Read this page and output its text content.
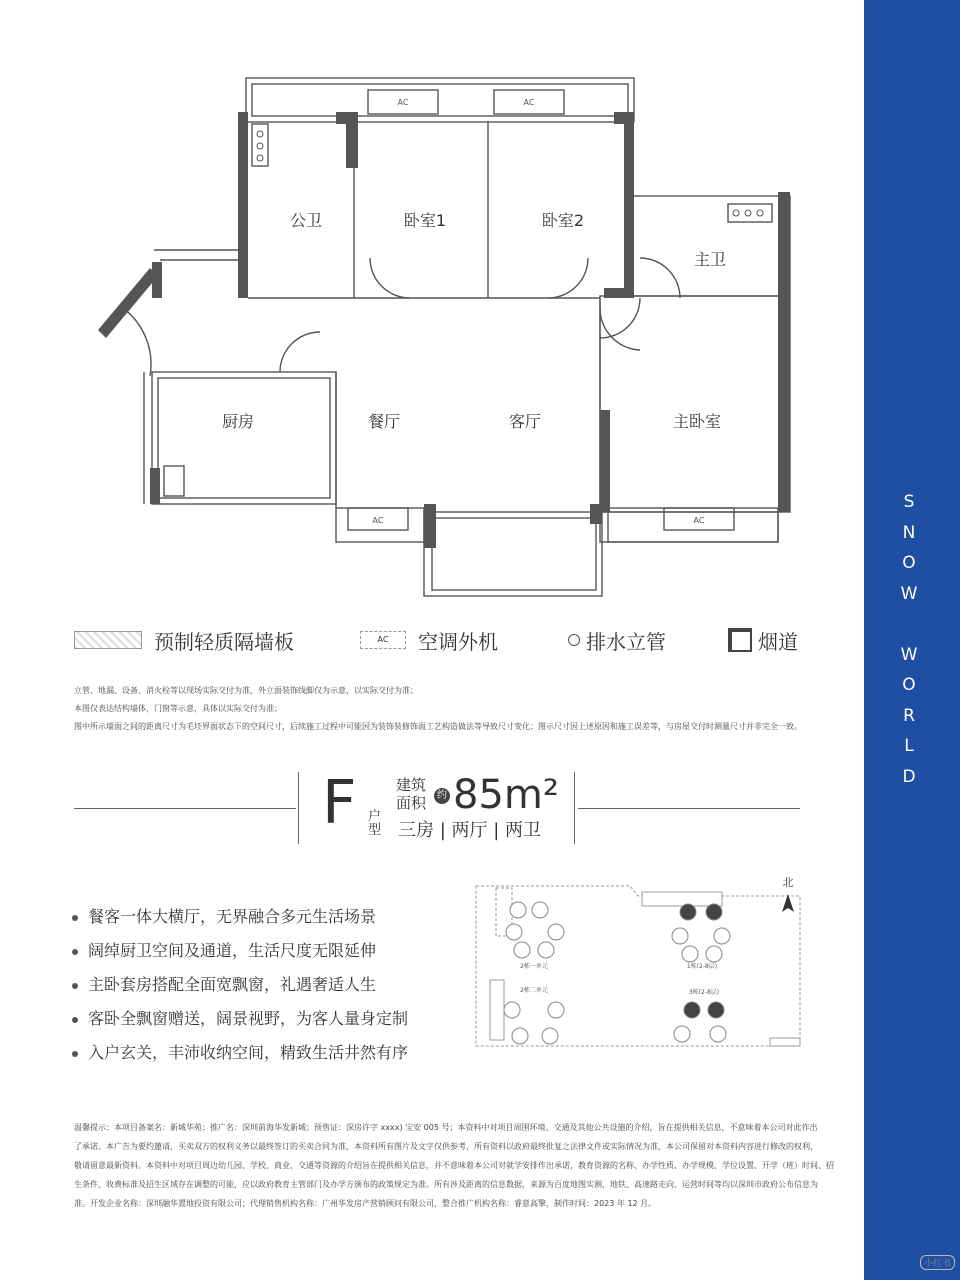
S
N
O
W

W
O
R
L
D
AC	AC
AC	AC
公卫	卧室1	卧室2
主卫
厨房	餐厅	客厅	主卧室
预制轻质隔墙板	AC	空调外机	排水立管	烟道
立管、地漏、设备、消火栓等以现场实际交付为准，外立面装饰线脚仅为示意，以实际交付为准；
本图仅表达结构墙体，门窗等示意，具体以实际交付为准；
图中所示墙面之间的距离尺寸为毛坯界面状态下的空间尺寸，后续施工过程中可能因为装饰装修饰面工艺构造做法等导致尺寸变化；图示尺寸因上述原因和施工误差等，与房屋交付时测量尺寸并非完全一致。
F 户型
建筑面积	约 85m²
三房 | 两厅 | 两卫
餐客一体大横厅，无界融合多元生活场景
阔绰厨卫空间及通道，生活尺度无限延伸
主卧套房搭配全面宽飘窗，礼遇奢适人生
客卧全飘窗赠送，阔景视野，为客人量身定制
入户玄关，丰沛收纳空间，精致生活井然有序
2栋一单元
2栋二单元
1栋(2-8层)
3栋(2-8层)
北
温馨提示：本项目备案名：新城华苑；推广名：深圳前海华发新城；预售证：深房许字 xxxx) 宝安 005 号；本资料中对项目周围环境、交通及其他公共设施的介绍，旨在提供相关信息，不意味着本公司对此作出
了承诺。本广告为要约邀请，买卖双方的权利义务以最终签订的买卖合同为准，本资料所有图片及文字仅供参考，所有资料以政府最终批复之法律文件或实际情况为准，本公司保留对本资料内容进行修改的权利，
敬请留意最新资料。本资料中对项目周边幼儿园、学校、商业、交通等资源的介绍旨在提供相关信息，并不意味着本公司对就学安排作出承诺，教育资源的名称、办学性质、办学规模、学位设置、开学（班）时间、招
生条件、收费标准及招生区域存在调整的可能，应以政府教育主管部门及办学方颁布的政策规定为准。所有涉及距离的信息数据，来源为百度地图实测，地铁、高速路走向、运营时间等均以深圳市政府公布信息为
准。开发企业名称：深圳融华置地投资有限公司；代理销售机构名称：广州华发房产营销顾问有限公司，整合推广机构名称：睿意高擎，制作时间：2023 年 12 月。
小红书
